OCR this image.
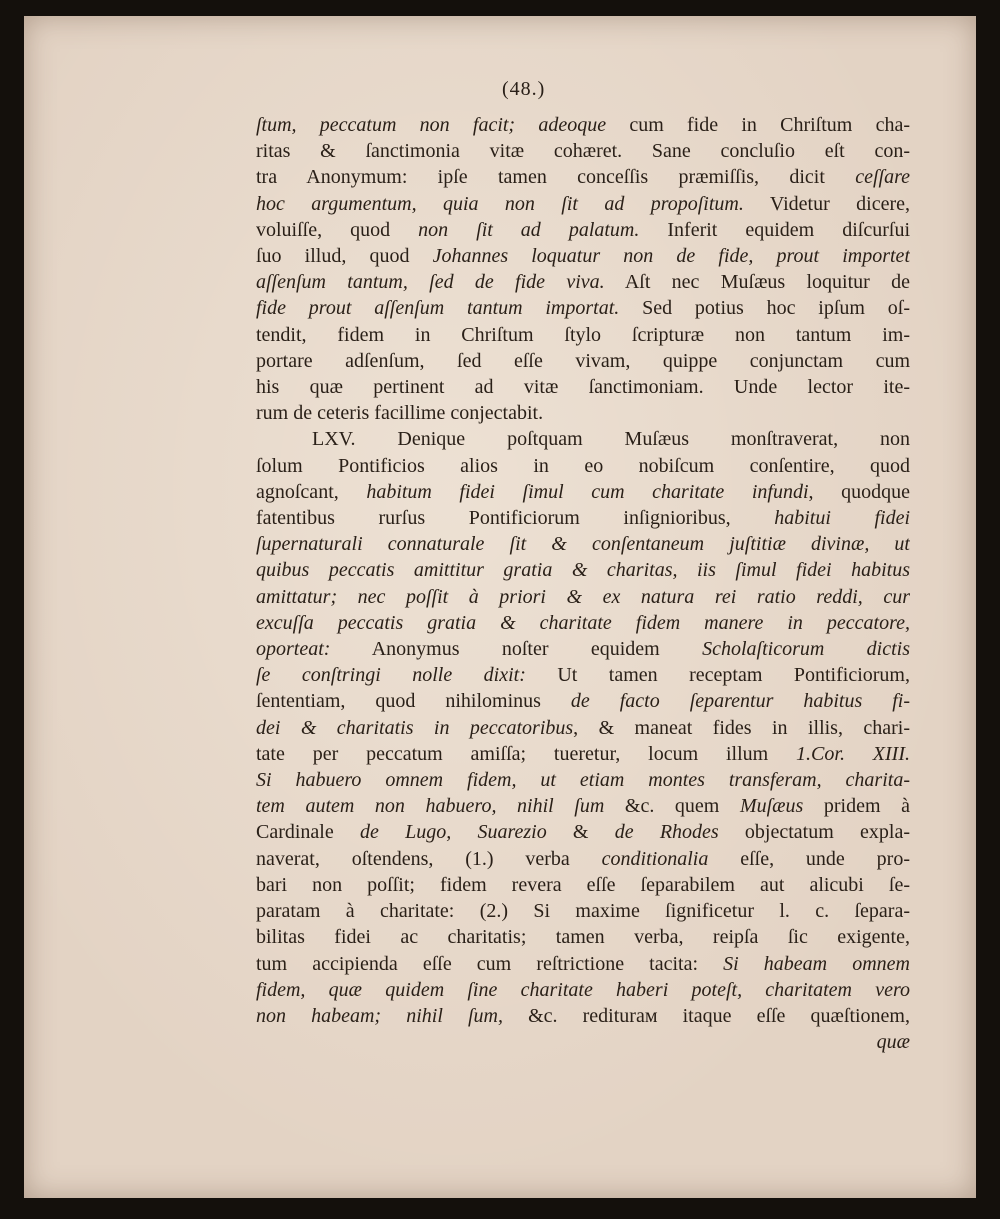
(48.)
ſtum, peccatum non facit; adeoque cum fide in Chriſtum cha-
ritas & ſanctimonia vitæ cohæret. Sane concluſio eſt con-
tra Anonymum: ipſe tamen conceſſis præmiſſis, dicit ceſſare
hoc argumentum, quia non ſit ad propoſitum. Videtur dicere,
voluiſſe, quod non ſit ad palatum. Inferit equidem diſcurſui
ſuo illud, quod Johannes loquatur non de fide, prout importet
aſſenſum tantum, ſed de fide viva. Aſt nec Muſæus loquitur de
fide prout aſſenſum tantum importat. Sed potius hoc ipſum oſ-
tendit, fidem in Chriſtum ſtylo ſcripturæ non tantum im-
portare adſenſum, ſed eſſe vivam, quippe conjunctam cum
his quæ pertinent ad vitæ ſanctimoniam. Unde lector ite-
rum de ceteris facillime conjectabit.
LXV. Denique poſtquam Muſæus monſtraverat, non
ſolum Pontificios alios in eo nobiſcum conſentire, quod
agnoſcant, habitum fidei ſimul cum charitate infundi, quodque
fatentibus rurſus Pontificiorum inſignioribus, habitui fidei
ſupernaturali connaturale ſit & conſentaneum juſtitiæ divinæ, ut
quibus peccatis amittitur gratia & charitas, iis ſimul fidei habitus
amittatur; nec poſſit à priori & ex natura rei ratio reddi, cur
excuſſa peccatis gratia & charitate fidem manere in peccatore,
oporteat: Anonymus noſter equidem Scholaſticorum dictis
ſe conſtringi nolle dixit: Ut tamen receptam Pontificiorum,
ſententiam, quod nihilominus de facto ſeparentur habitus fi-
dei & charitatis in peccatoribus, & maneat fides in illis, chari-
tate per peccatum amiſſa; tueretur, locum illum 1.Cor. XIII.
Si habuero omnem fidem, ut etiam montes transferam, charita-
tem autem non habuero, nihil ſum &c. quem Muſæus pridem à
Cardinale de Lugo, Suarezio & de Rhodes objectatum expla-
naverat, oſtendens, (1.) verba conditionalia eſſe, unde pro-
bari non poſſit; fidem revera eſſe ſeparabilem aut alicubi ſe-
paratam à charitate: (2.) Si maxime ſignificetur l. c. ſepara-
bilitas fidei ac charitatis; tamen verba, reipſa ſic exigente,
tum accipienda eſſe cum reſtrictione tacita: Si habeam omnem
fidem, quæ quidem ſine charitate haberi poteſt, charitatem vero
non habeam; nihil ſum, &c. rediturам itaque eſſe quæſtionem,
quæ
